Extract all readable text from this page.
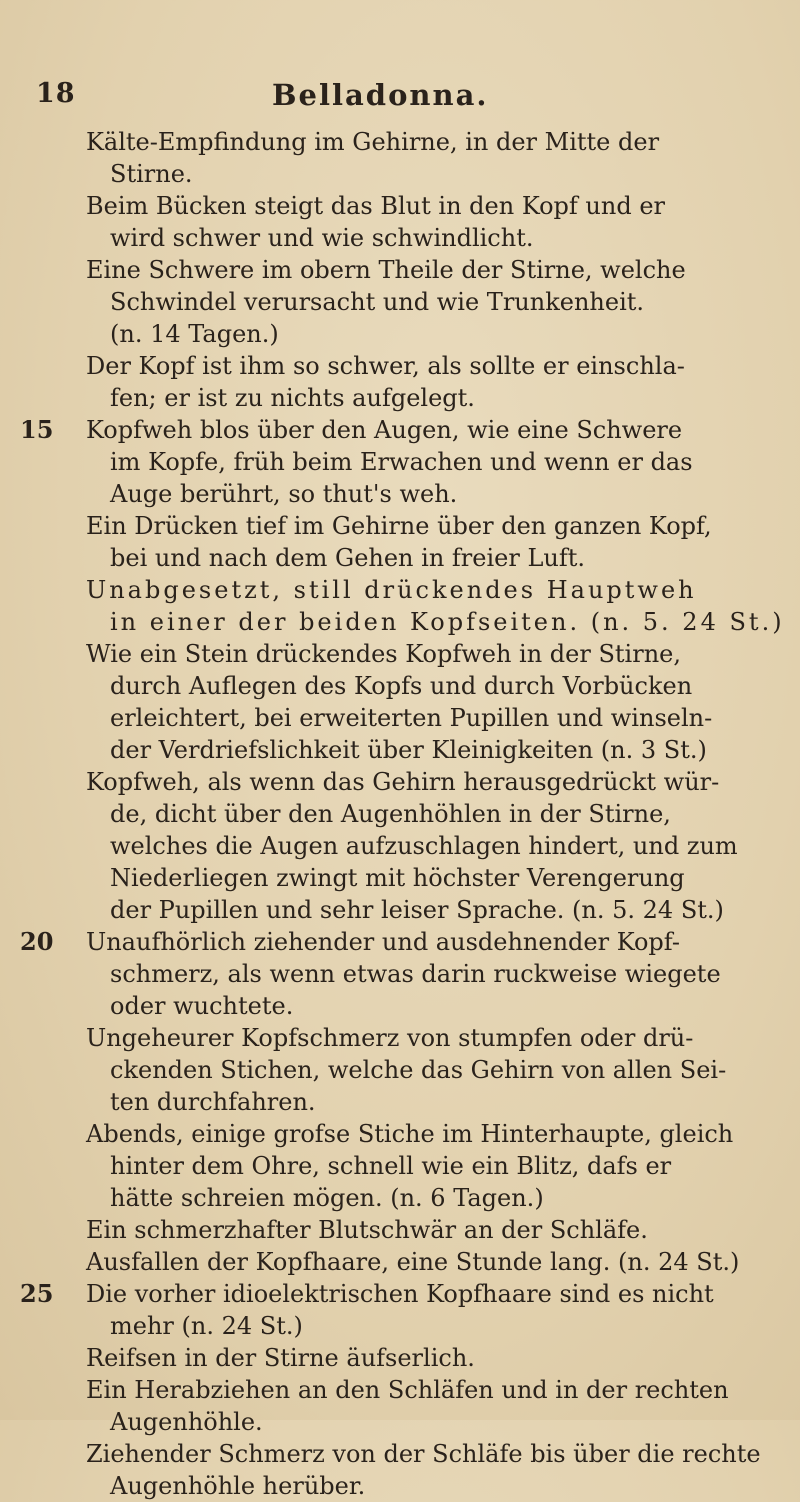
18	Belladonna.
Kälte-Empfindung im Gehirne, in der Mitte der
Stirne.
Beim Bücken steigt das Blut in den Kopf und er
wird schwer und wie schwindlicht.
Eine Schwere im obern Theile der Stirne, welche
Schwindel verursacht und wie Trunkenheit.
(n. 14 Tagen.)
Der Kopf ist ihm so schwer, als sollte er einschla-
fen; er ist zu nichts aufgelegt.
15 Kopfweh blos über den Augen, wie eine Schwere
im Kopfe, früh beim Erwachen und wenn er das
Auge berührt, so thut's weh.
Ein Drücken tief im Gehirne über den ganzen Kopf,
bei und nach dem Gehen in freier Luft.
Unabgesetzt, still drückendes Hauptweh
in einer der beiden Kopfseiten. (n. 5. 24 St.)
Wie ein Stein drückendes Kopfweh in der Stirne,
durch Auflegen des Kopfs und durch Vorbücken
erleichtert, bei erweiterten Pupillen und winseln-
der Verdriefslichkeit über Kleinigkeiten (n. 3 St.)
Kopfweh, als wenn das Gehirn herausgedrückt wür-
de, dicht über den Augenhöhlen in der Stirne,
welches die Augen aufzuschlagen hindert, und zum
Niederliegen zwingt mit höchster Verengerung
der Pupillen und sehr leiser Sprache. (n. 5. 24 St.)
20 Unaufhörlich ziehender und ausdehnender Kopf-
schmerz, als wenn etwas darin ruckweise wiegete
oder wuchtete.
Ungeheurer Kopfschmerz von stumpfen oder drü-
ckenden Stichen, welche das Gehirn von allen Sei-
ten durchfahren.
Abends, einige grofse Stiche im Hinterhaupte, gleich
hinter dem Ohre, schnell wie ein Blitz, dafs er
hätte schreien mögen. (n. 6 Tagen.)
Ein schmerzhafter Blutschwär an der Schläfe.
Ausfallen der Kopfhaare, eine Stunde lang. (n. 24 St.)
25 Die vorher idioelektrischen Kopfhaare sind es nicht
mehr (n. 24 St.)
Reifsen in der Stirne äufserlich.
Ein Herabziehen an den Schläfen und in der rechten
Augenhöhle.
Ziehender Schmerz von der Schläfe bis über die rechte
Augenhöhle herüber.
